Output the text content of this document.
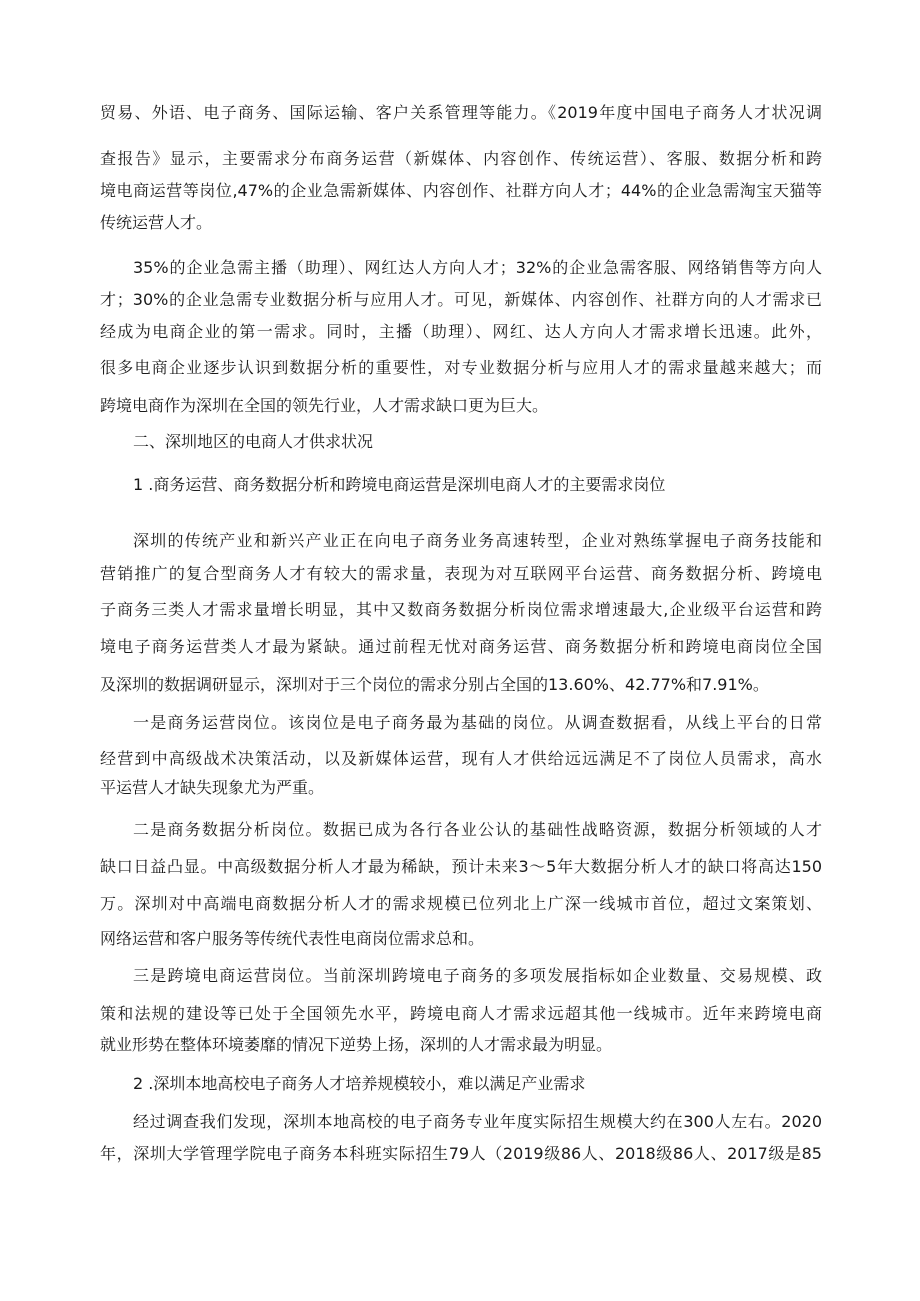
贸易、外语、电子商务、国际运输、客户关系管理等能力。《2019年度中国电子商务人才状况调
查报告》显示，主要需求分布商务运营（新媒体、内容创作、传统运营）、客服、数据分析和跨
境电商运营等岗位,47%的企业急需新媒体、内容创作、社群方向人才；44%的企业急需淘宝天猫等
传统运营人才。
35%的企业急需主播（助理）、网红达人方向人才；32%的企业急需客服、网络销售等方向人
才；30%的企业急需专业数据分析与应用人才。可见，新媒体、内容创作、社群方向的人才需求已
经成为电商企业的第一需求。同时，主播（助理）、网红、达人方向人才需求增长迅速。此外，
很多电商企业逐步认识到数据分析的重要性，对专业数据分析与应用人才的需求量越来越大；而
跨境电商作为深圳在全国的领先行业，人才需求缺口更为巨大。
二、深圳地区的电商人才供求状况
1 .商务运营、商务数据分析和跨境电商运营是深圳电商人才的主要需求岗位
深圳的传统产业和新兴产业正在向电子商务业务高速转型，企业对熟练掌握电子商务技能和
营销推广的复合型商务人才有较大的需求量，表现为对互联网平台运营、商务数据分析、跨境电
子商务三类人才需求量增长明显，其中又数商务数据分析岗位需求增速最大,企业级平台运营和跨
境电子商务运营类人才最为紧缺。通过前程无忧对商务运营、商务数据分析和跨境电商岗位全国
及深圳的数据调研显示，深圳对于三个岗位的需求分别占全国的13.60%、42.77%和7.91%。
一是商务运营岗位。该岗位是电子商务最为基础的岗位。从调查数据看，从线上平台的日常
经营到中高级战术决策活动，以及新媒体运营，现有人才供给远远满足不了岗位人员需求，高水
平运营人才缺失现象尤为严重。
二是商务数据分析岗位。数据已成为各行各业公认的基础性战略资源，数据分析领域的人才
缺口日益凸显。中高级数据分析人才最为稀缺，预计未来3～5年大数据分析人才的缺口将高达150
万。深圳对中高端电商数据分析人才的需求规模已位列北上广深一线城市首位，超过文案策划、
网络运营和客户服务等传统代表性电商岗位需求总和。
三是跨境电商运营岗位。当前深圳跨境电子商务的多项发展指标如企业数量、交易规模、政
策和法规的建设等已处于全国领先水平，跨境电商人才需求远超其他一线城市。近年来跨境电商
就业形势在整体环境萎靡的情况下逆势上扬，深圳的人才需求最为明显。
2 .深圳本地高校电子商务人才培养规模较小，难以满足产业需求
经过调查我们发现，深圳本地高校的电子商务专业年度实际招生规模大约在300人左右。2020
年，深圳大学管理学院电子商务本科班实际招生79人（2019级86人、2018级86人、2017级是85
